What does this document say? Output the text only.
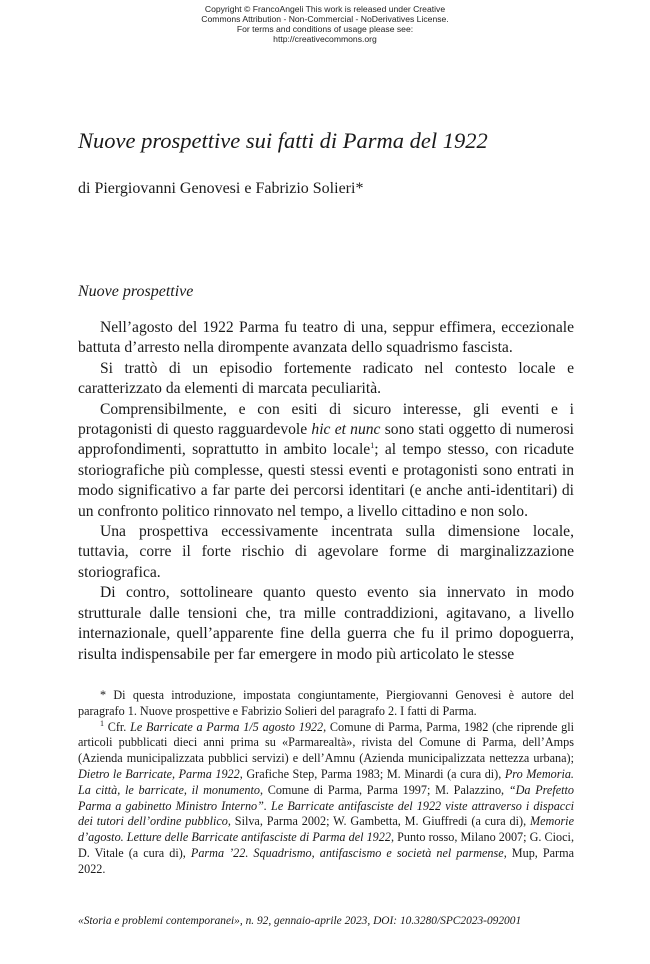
Copyright © FrancoAngeli This work is released under Creative
Commons Attribution - Non-Commercial - NoDerivatives License.
For terms and conditions of usage please see:
http://creativecommons.org
Nuove prospettive sui fatti di Parma del 1922
di Piergiovanni Genovesi e Fabrizio Solieri*
Nuove prospettive

Nell’agosto del 1922 Parma fu teatro di una, seppur effimera, eccezionale battuta d’arresto nella dirompente avanzata dello squadrismo fascista.

Si trattò di un episodio fortemente radicato nel contesto locale e caratterizzato da elementi di marcata peculiarità.

Comprensibilmente, e con esiti di sicuro interesse, gli eventi e i protagonisti di questo ragguardevole hic et nunc sono stati oggetto di numerosi approfondimenti, soprattutto in ambito locale$^1$; al tempo stesso, con ricadute storiografiche più complesse, questi stessi eventi e protagonisti sono entrati in modo significativo a far parte dei percorsi identitari (e anche anti-identitari) di un confronto politico rinnovato nel tempo, a livello cittadino e non solo.

Una prospettiva eccessivamente incentrata sulla dimensione locale, tuttavia, corre il forte rischio di agevolare forme di marginalizzazione storiografica.

Di contro, sottolineare quanto questo evento sia innervato in modo strutturale dalle tensioni che, tra mille contraddizioni, agitavano, a livello internazionale, quell’apparente fine della guerra che fu il primo dopoguerra, risulta indispensabile per far emergere in modo più articolato le stesse

* Di questa introduzione, impostata congiuntamente, Piergiovanni Genovesi è autore del paragrafo 1. Nuove prospettive e Fabrizio Solieri del paragrafo 2. I fatti di Parma.

$^1$ Cfr. Le Barricate a Parma 1/5 agosto 1922, Comune di Parma, Parma, 1982 (che riprende gli articoli pubblicati dieci anni prima su «Parmarealtà», rivista del Comune di Parma, dell’Amps (Azienda municipalizzata pubblici servizi) e dell’Amnu (Azienda municipalizzata nettezza urbana); Dietro le Barricate, Parma 1922, Grafiche Step, Parma 1983; M. Minardi (a cura di), Pro Memoria. La città, le barricate, il monumento, Comune di Parma, Parma 1997; M. Palazzino, “Da Prefetto Parma a gabinetto Ministro Interno”. Le Barricate antifasciste del 1922 viste attraverso i dispacci dei tutori dell’ordine pubblico, Silva, Parma 2002; W. Gambetta, M. Giuffredi (a cura di), Memorie d’agosto. Letture delle Barricate antifasciste di Parma del 1922, Punto rosso, Milano 2007; G. Cioci, D. Vitale (a cura di), Parma ’22. Squadrismo, antifascismo e società nel parmense, Mup, Parma 2022.

«Storia e problemi contemporanei», n. 92, gennaio-aprile 2023, DOI: 10.3280/SPC2023-092001
